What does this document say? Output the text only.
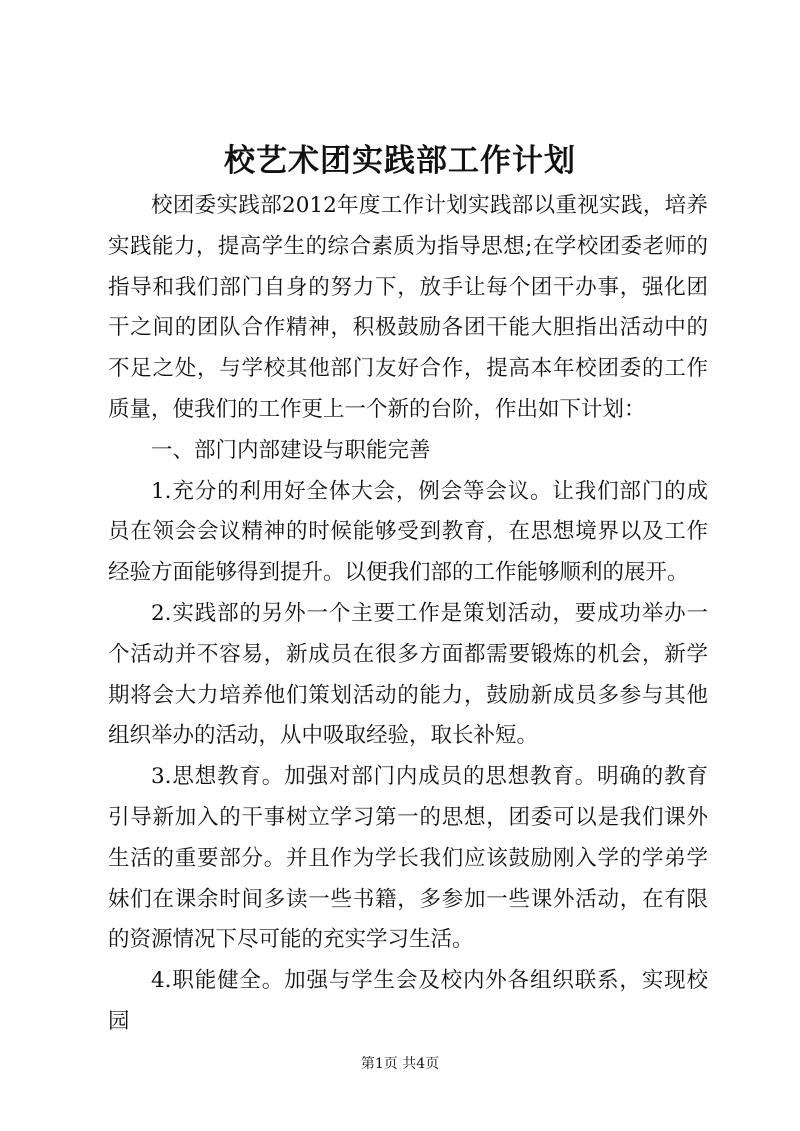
校艺术团实践部工作计划

校团委实践部2012年度工作计划实践部以重视实践，培养实践能力，提高学生的综合素质为指导思想;在学校团委老师的指导和我们部门自身的努力下，放手让每个团干办事，强化团干之间的团队合作精神，积极鼓励各团干能大胆指出活动中的不足之处，与学校其他部门友好合作，提高本年校团委的工作质量，使我们的工作更上一个新的台阶，作出如下计划：

一、部门内部建设与职能完善

1.充分的利用好全体大会，例会等会议。让我们部门的成员在领会会议精神的时候能够受到教育，在思想境界以及工作经验方面能够得到提升。以便我们部的工作能够顺利的展开。

2.实践部的另外一个主要工作是策划活动，要成功举办一个活动并不容易，新成员在很多方面都需要锻炼的机会，新学期将会大力培养他们策划活动的能力，鼓励新成员多参与其他组织举办的活动，从中吸取经验，取长补短。

3.思想教育。加强对部门内成员的思想教育。明确的教育引导新加入的干事树立学习第一的思想，团委可以是我们课外生活的重要部分。并且作为学长我们应该鼓励刚入学的学弟学妹们在课余时间多读一些书籍，多参加一些课外活动，在有限的资源情况下尽可能的充实学习生活。

4.职能健全。加强与学生会及校内外各组织联系，实现校园

第1页 共4页
